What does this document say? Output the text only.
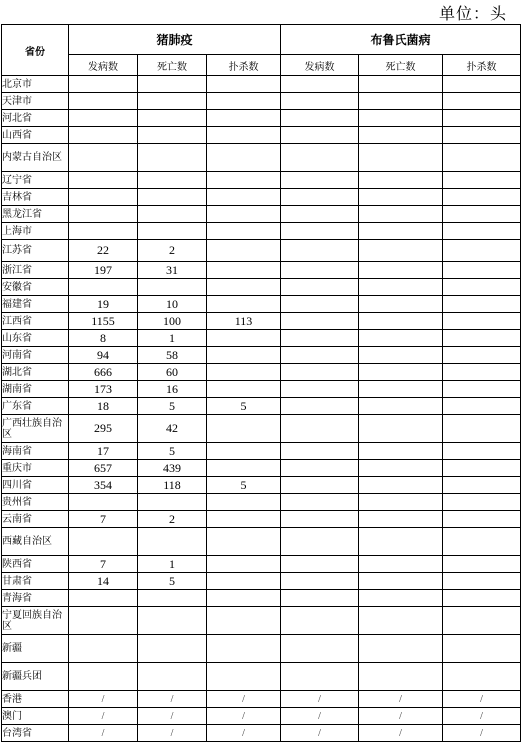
单位：头
省份	猪肺疫			布鲁氏菌病		
	发病数	死亡数	扑杀数	发病数	死亡数	扑杀数
北京市						
天津市						
河北省						
山西省						
内蒙古自治区						
辽宁省						
吉林省						
黑龙江省						
上海市						
江苏省	22	2				
浙江省	197	31				
安徽省						
福建省	19	10				
江西省	1155	100	113			
山东省	8	1				
河南省	94	58				
湖北省	666	60				
湖南省	173	16				
广东省	18	5	5			
广西壮族自治区	295	42				
海南省	17	5				
重庆市	657	439				
四川省	354	118	5			
贵州省						
云南省	7	2				
西藏自治区						
陕西省	7	1				
甘肃省	14	5				
青海省						
宁夏回族自治区						
新疆						
新疆兵团						
香港	/	/	/	/	/	/
澳门	/	/	/	/	/	/
台湾省	/	/	/	/	/	/
